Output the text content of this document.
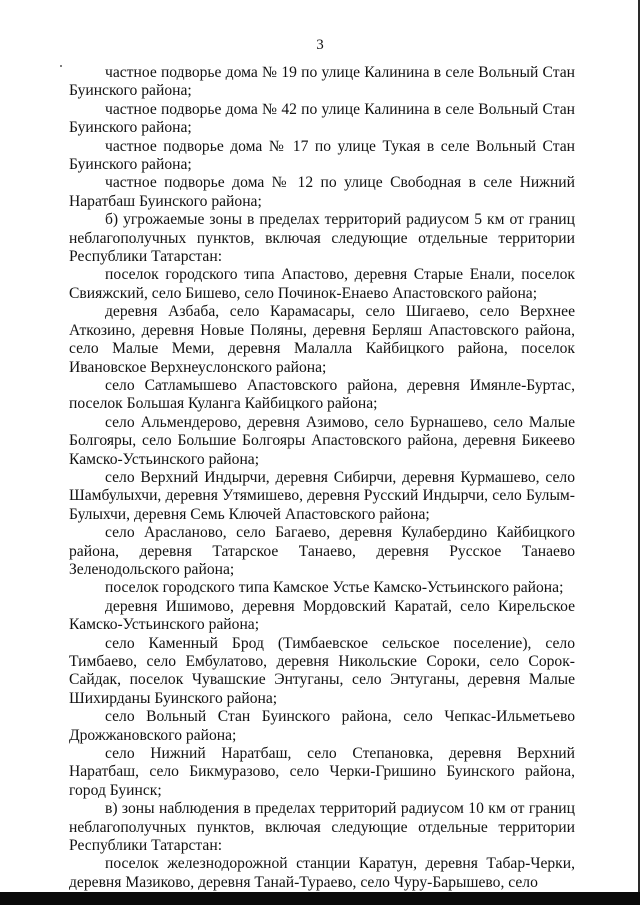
3

частное подворье дома № 19 по улице Калинина в селе Вольный Стан Буинского района;

частное подворье дома № 42 по улице Калинина в селе Вольный Стан Буинского района;

частное подворье дома № 17 по улице Тукая в селе Вольный Стан Буинского района;

частное подворье дома № 12 по улице Свободная в селе Нижний Наратбаш Буинского района;

б) угрожаемые зоны в пределах территорий радиусом 5 км от границ неблагополучных пунктов, включая следующие отдельные территории Республики Татарстан:

поселок городского типа Апастово, деревня Старые Енали, поселок Свияжский, село Бишево, село Починок-Енаево Апастовского района;

деревня Азбаба, село Карамасары, село Шигаево, село Верхнее Аткозино, деревня Новые Поляны, деревня Берляш Апастовского района, село Малые Меми, деревня Малалла Кайбицкого района, поселок Ивановское Верхнеуслонского района;

село Сатламышево Апастовского района, деревня Имянле-Буртас, поселок Большая Куланга Кайбицкого района;

село Альмендерово, деревня Азимово, село Бурнашево, село Малые Болгояры, село Большие Болгояры Апастовского района, деревня Бикеево Камско-Устьинского района;

село Верхний Индырчи, деревня Сибирчи, деревня Курмашево, село Шамбулыхчи, деревня Утямишево, деревня Русский Индырчи, село Булым-Булыхчи, деревня Семь Ключей Апастовского района;

село Арасланово, село Багаево, деревня Кулабердино Кайбицкого района, деревня Татарское Танаево, деревня Русское Танаево Зеленодольского района;

поселок городского типа Камское Устье Камско-Устьинского района;

деревня Ишимово, деревня Мордовский Каратай, село Кирельское Камско-Устьинского района;

село Каменный Брод (Тимбаевское сельское поселение), село Тимбаево, село Ембулатово, деревня Никольские Сороки, село Сорок-Сайдак, поселок Чувашские Энтуганы, село Энтуганы, деревня Малые Шихирданы Буинского района;

село Вольный Стан Буинского района, село Чепкас-Ильметьево Дрожжановского района;

село Нижний Наратбаш, село Степановка, деревня Верхний Наратбаш, село Бикмуразово, село Черки-Гришино Буинского района, город Буинск;

в) зоны наблюдения в пределах территорий радиусом 10 км от границ неблагополучных пунктов, включая следующие отдельные территории Республики Татарстан:

поселок железнодорожной станции Каратун, деревня Табар-Черки, деревня Мазиково, деревня Танай-Тураево, село Чуру-Барышево, село
